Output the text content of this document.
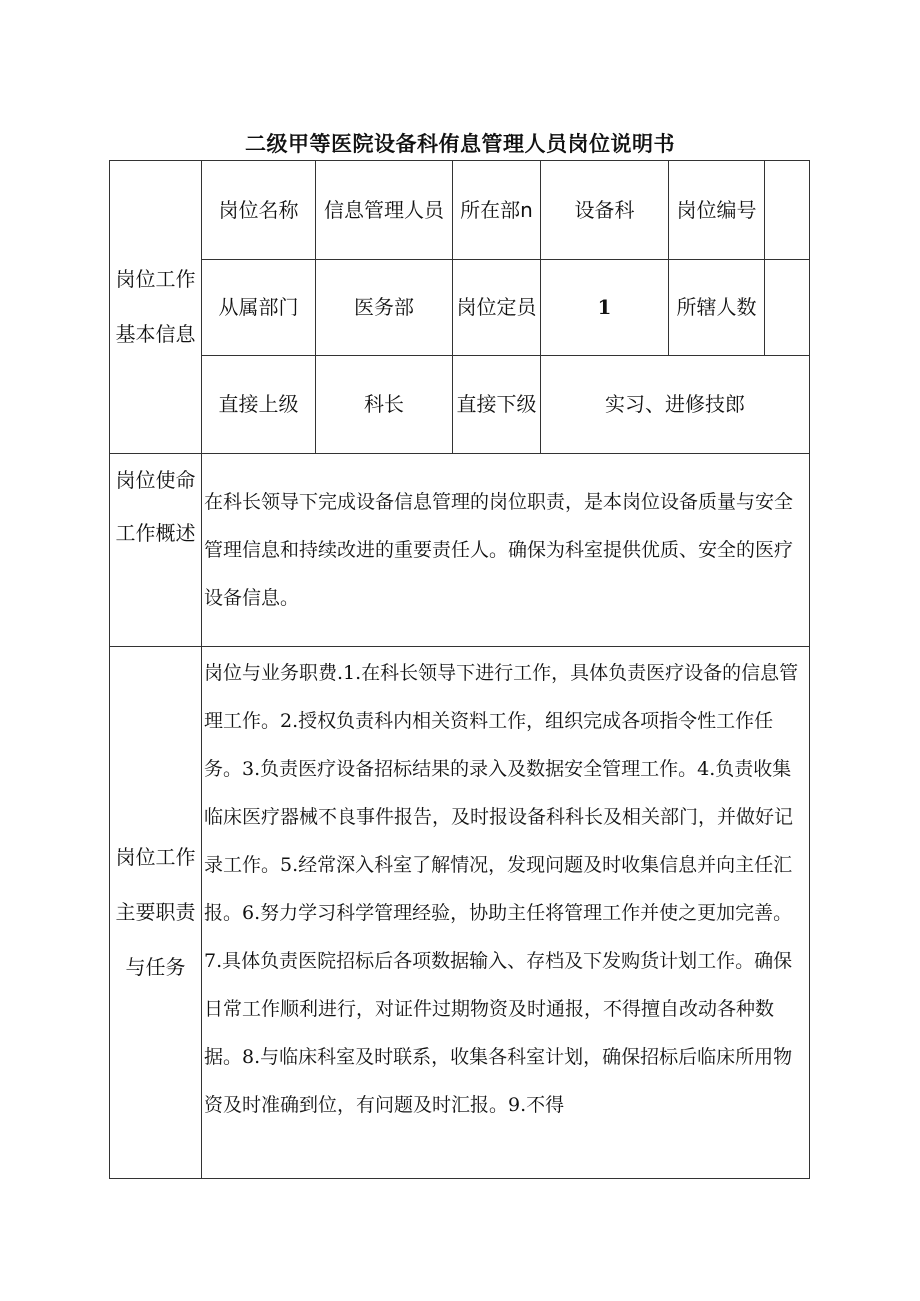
二级甲等医院设备科侑息管理人员岗位说明书
岗位工作基本信息	岗位名称	信息管理人员	所在部n	设备科	岗位编号	
	从属部门	医务部	岗位定员	1	所辖人数	
	直接上级	科长	直接下级	实习、进修技郎		
岗位使命工作概述	在科长领导下完成设备信息管理的岗位职责，是本岗位设备质量与安全管理信息和持续改进的重要责任人。确保为科室提供优质、安全的医疗设备信息。					
岗位工作主要职责与任务	岗位与业务职费.1.在科长领导下进行工作，具体负责医疗设备的信息管理工作。2.授权负责科内相关资料工作，组织完成各项指令性工作任务。3.负责医疗设备招标结果的录入及数据安全管理工作。4.负责收集临床医疗器械不良事件报告，及时报设备科科长及相关部门，并做好记录工作。5.经常深入科室了解情况，发现问题及时收集信息并向主任汇报。6.努力学习科学管理经验，协助主任将管理工作并使之更加完善。7.具体负责医院招标后各项数据输入、存档及下发购货计划工作。确保日常工作顺利进行，对证件过期物资及时通报，不得擅自改动各种数据。8.与临床科室及时联系，收集各科室计划，确保招标后临床所用物资及时准确到位，有问题及时汇报。9.不得					
